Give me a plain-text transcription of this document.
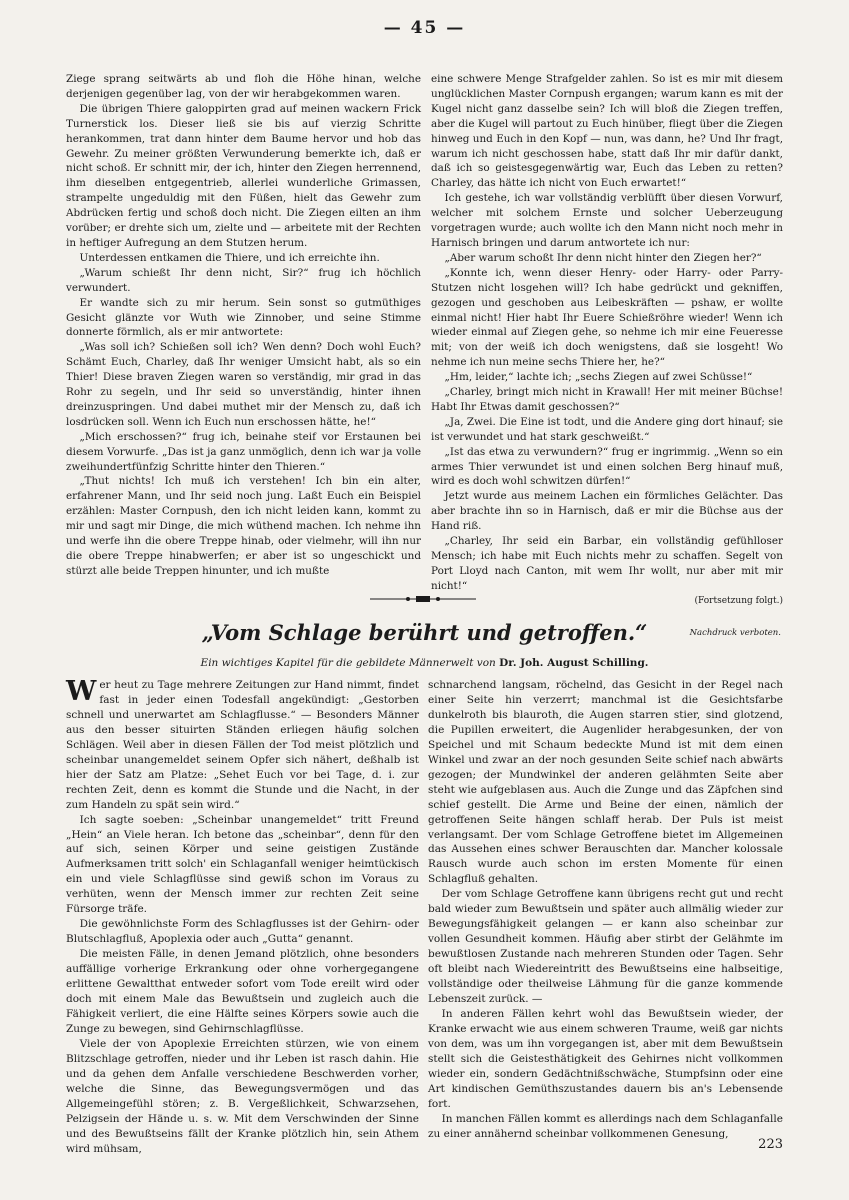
— 45 —

Ziege sprang seitwärts ab und floh die Höhe hinan, welche derjenigen gegenüber lag, von der wir herabgekommen waren.

Die übrigen Thiere galoppirten grad auf meinen wackern Frick Turnerstick los. Dieser ließ sie bis auf vierzig Schritte herankommen, trat dann hinter dem Baume hervor und hob das Gewehr. Zu meiner größten Verwunderung bemerkte ich, daß er nicht schoß. Er schnitt mir, der ich, hinter den Ziegen herrennend, ihm dieselben entgegentrieb, allerlei wunderliche Grimassen, strampelte ungeduldig mit den Füßen, hielt das Gewehr zum Abdrücken fertig und schoß doch nicht. Die Ziegen eilten an ihm vorüber; er drehte sich um, zielte und — arbeitete mit der Rechten in heftiger Aufregung an dem Stutzen herum.

Unterdessen entkamen die Thiere, und ich erreichte ihn.

„Warum schießt Ihr denn nicht, Sir?“ frug ich höchlich verwundert.

Er wandte sich zu mir herum. Sein sonst so gutmüthiges Gesicht glänzte vor Wuth wie Zinnober, und seine Stimme donnerte förmlich, als er mir antwortete:

„Was soll ich? Schießen soll ich? Wen denn? Doch wohl Euch? Schämt Euch, Charley, daß Ihr weniger Umsicht habt, als so ein Thier! Diese braven Ziegen waren so verständig, mir grad in das Rohr zu segeln, und Ihr seid so unverständig, hinter ihnen dreinzuspringen. Und dabei muthet mir der Mensch zu, daß ich losdrücken soll. Wenn ich Euch nun erschossen hätte, he!“

„Mich erschossen?“ frug ich, beinahe steif vor Erstaunen bei diesem Vorwurfe. „Das ist ja ganz unmöglich, denn ich war ja volle zweihundertfünfzig Schritte hinter den Thieren.“

„Thut nichts! Ich muß ich verstehen! Ich bin ein alter, erfahrener Mann, und Ihr seid noch jung. Laßt Euch ein Beispiel erzählen: Master Cornpush, den ich nicht leiden kann, kommt zu mir und sagt mir Dinge, die mich wüthend machen. Ich nehme ihn und werfe ihn die obere Treppe hinab, oder vielmehr, will ihn nur die obere Treppe hinabwerfen; er aber ist so ungeschickt und stürzt alle beide Treppen hinunter, und ich mußte

eine schwere Menge Strafgelder zahlen. So ist es mir mit diesem unglücklichen Master Cornpush ergangen; warum kann es mit der Kugel nicht ganz dasselbe sein? Ich will bloß die Ziegen treffen, aber die Kugel will partout zu Euch hinüber, fliegt über die Ziegen hinweg und Euch in den Kopf — nun, was dann, he? Und Ihr fragt, warum ich nicht geschossen habe, statt daß Ihr mir dafür dankt, daß ich so geistesgegenwärtig war, Euch das Leben zu retten? Charley, das hätte ich nicht von Euch erwartet!“

Ich gestehe, ich war vollständig verblüfft über diesen Vorwurf, welcher mit solchem Ernste und solcher Ueberzeugung vorgetragen wurde; auch wollte ich den Mann nicht noch mehr in Harnisch bringen und darum antwortete ich nur:

„Aber warum schoßt Ihr denn nicht hinter den Ziegen her?“

„Konnte ich, wenn dieser Henry- oder Harry- oder Parry-Stutzen nicht losgehen will? Ich habe gedrückt und gekniffen, gezogen und geschoben aus Leibeskräften — pshaw, er wollte einmal nicht! Hier habt Ihr Euere Schießröhre wieder! Wenn ich wieder einmal auf Ziegen gehe, so nehme ich mir eine Feueresse mit; von der weiß ich doch wenigstens, daß sie losgeht! Wo nehme ich nun meine sechs Thiere her, he?“

„Hm, leider,“ lachte ich; „sechs Ziegen auf zwei Schüsse!“

„Charley, bringt mich nicht in Krawall! Her mit meiner Büchse! Habt Ihr Etwas damit geschossen?“

„Ja, Zwei. Die Eine ist todt, und die Andere ging dort hinauf; sie ist verwundet und hat stark geschweißt.“

„Ist das etwa zu verwundern?“ frug er ingrimmig. „Wenn so ein armes Thier verwundet ist und einen solchen Berg hinauf muß, wird es doch wohl schwitzen dürfen!“

Jetzt wurde aus meinem Lachen ein förmliches Gelächter. Das aber brachte ihn so in Harnisch, daß er mir die Büchse aus der Hand riß.

„Charley, Ihr seid ein Barbar, ein vollständig gefühlloser Mensch; ich habe mit Euch nichts mehr zu schaffen. Segelt von Port Lloyd nach Canton, mit wem Ihr wollt, nur aber mit mir nicht!“

(Fortsetzung folgt.)
„Vom Schlage berührt und getroffen.“	Nachdruck verboten.
Ein wichtiges Kapitel für die gebildete Männerwelt von Dr. Joh. August Schilling.

Wer heut zu Tage mehrere Zeitungen zur Hand nimmt, findet fast in jeder einen Todesfall angekündigt: „Gestorben schnell und unerwartet am Schlagflusse.“ — Besonders Männer aus den besser situirten Ständen erliegen häufig solchen Schlägen. Weil aber in diesen Fällen der Tod meist plötzlich und scheinbar unangemeldet seinem Opfer sich nähert, deßhalb ist hier der Satz am Platze: „Sehet Euch vor bei Tage, d. i. zur rechten Zeit, denn es kommt die Stunde und die Nacht, in der zum Handeln zu spät sein wird.“

Ich sagte soeben: „Scheinbar unangemeldet“ tritt Freund „Hein“ an Viele heran. Ich betone das „scheinbar“, denn für den auf sich, seinen Körper und seine geistigen Zustände Aufmerksamen tritt solch' ein Schlaganfall weniger heimtückisch ein und viele Schlagflüsse sind gewiß schon im Voraus zu verhüten, wenn der Mensch immer zur rechten Zeit seine Fürsorge träfe.

Die gewöhnlichste Form des Schlagflusses ist der Gehirn- oder Blutschlagfluß, Apoplexia oder auch „Gutta“ genannt.

Die meisten Fälle, in denen Jemand plötzlich, ohne besonders auffällige vorherige Erkrankung oder ohne vorhergegangene erlittene Gewaltthat entweder sofort vom Tode ereilt wird oder doch mit einem Male das Bewußtsein und zugleich auch die Fähigkeit verliert, die eine Hälfte seines Körpers sowie auch die Zunge zu bewegen, sind Gehirnschlagflüsse.

Viele der von Apoplexie Erreichten stürzen, wie von einem Blitzschlage getroffen, nieder und ihr Leben ist rasch dahin. Hie und da gehen dem Anfalle verschiedene Beschwerden vorher, welche die Sinne, das Bewegungsvermögen und das Allgemeingefühl stören; z. B. Vergeßlichkeit, Schwarzsehen, Pelzigsein der Hände u. s. w. Mit dem Verschwinden der Sinne und des Bewußtseins fällt der Kranke plötzlich hin, sein Athem wird mühsam,

schnarchend langsam, röchelnd, das Gesicht in der Regel nach einer Seite hin verzerrt; manchmal ist die Gesichtsfarbe dunkelroth bis blauroth, die Augen starren stier, sind glotzend, die Pupillen erweitert, die Augenlider herabgesunken, der von Speichel und mit Schaum bedeckte Mund ist mit dem einen Winkel und zwar an der noch gesunden Seite schief nach abwärts gezogen; der Mundwinkel der anderen gelähmten Seite aber steht wie aufgeblasen aus. Auch die Zunge und das Zäpfchen sind schief gestellt. Die Arme und Beine der einen, nämlich der getroffenen Seite hängen schlaff herab. Der Puls ist meist verlangsamt. Der vom Schlage Getroffene bietet im Allgemeinen das Aussehen eines schwer Berauschten dar. Mancher kolossale Rausch wurde auch schon im ersten Momente für einen Schlagfluß gehalten.

Der vom Schlage Getroffene kann übrigens recht gut und recht bald wieder zum Bewußtsein und später auch allmälig wieder zur Bewegungsfähigkeit gelangen — er kann also scheinbar zur vollen Gesundheit kommen. Häufig aber stirbt der Gelähmte im bewußtlosen Zustande nach mehreren Stunden oder Tagen. Sehr oft bleibt nach Wiedereintritt des Bewußtseins eine halbseitige, vollständige oder theilweise Lähmung für die ganze kommende Lebenszeit zurück. —

In anderen Fällen kehrt wohl das Bewußtsein wieder, der Kranke erwacht wie aus einem schweren Traume, weiß gar nichts von dem, was um ihn vorgegangen ist, aber mit dem Bewußtsein stellt sich die Geistesthätigkeit des Gehirnes nicht vollkommen wieder ein, sondern Gedächtnißschwäche, Stumpfsinn oder eine Art kindischen Gemüthszustandes dauern bis an's Lebensende fort.

In manchen Fällen kommt es allerdings nach dem Schlaganfalle zu einer annähernd scheinbar vollkommenen Genesung,

223
